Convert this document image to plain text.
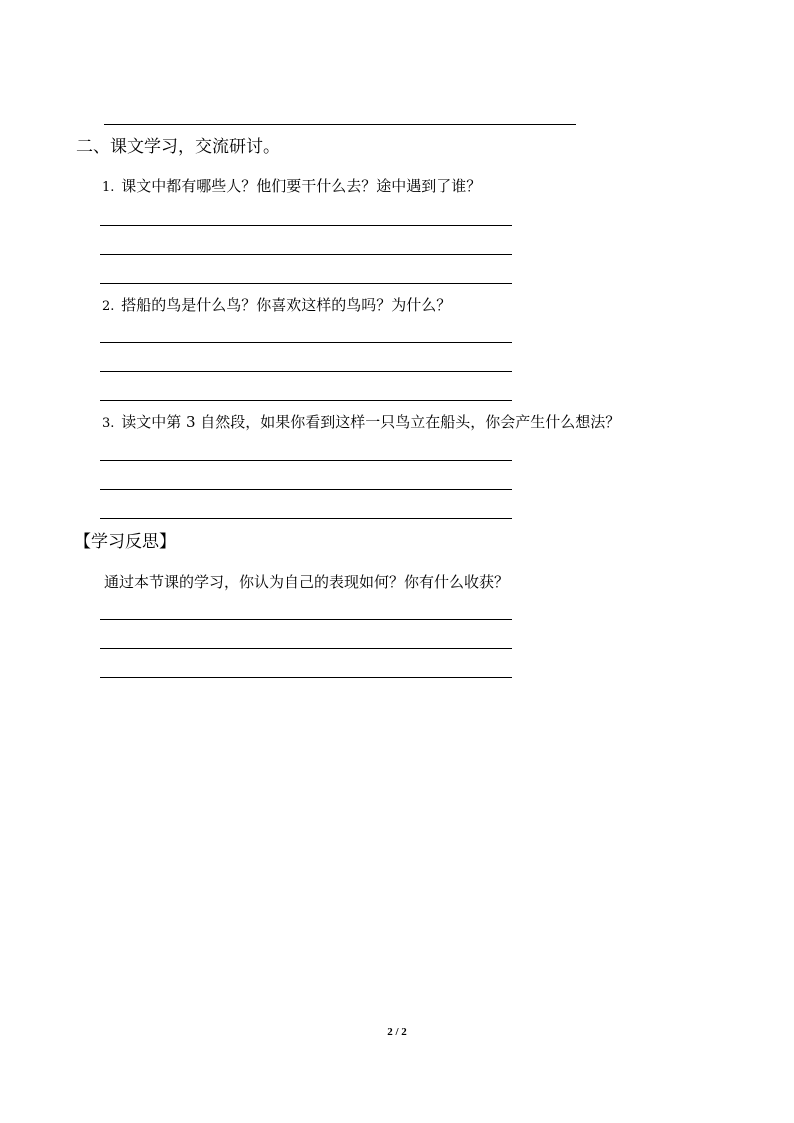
二、课文学习，交流研讨。
1. 课文中都有哪些人？他们要干什么去？途中遇到了谁？
2. 搭船的鸟是什么鸟？你喜欢这样的鸟吗？为什么？
3. 读文中第 3 自然段，如果你看到这样一只鸟立在船头，你会产生什么想法？
【学习反思】
通过本节课的学习，你认为自己的表现如何？你有什么收获？
2 / 2
